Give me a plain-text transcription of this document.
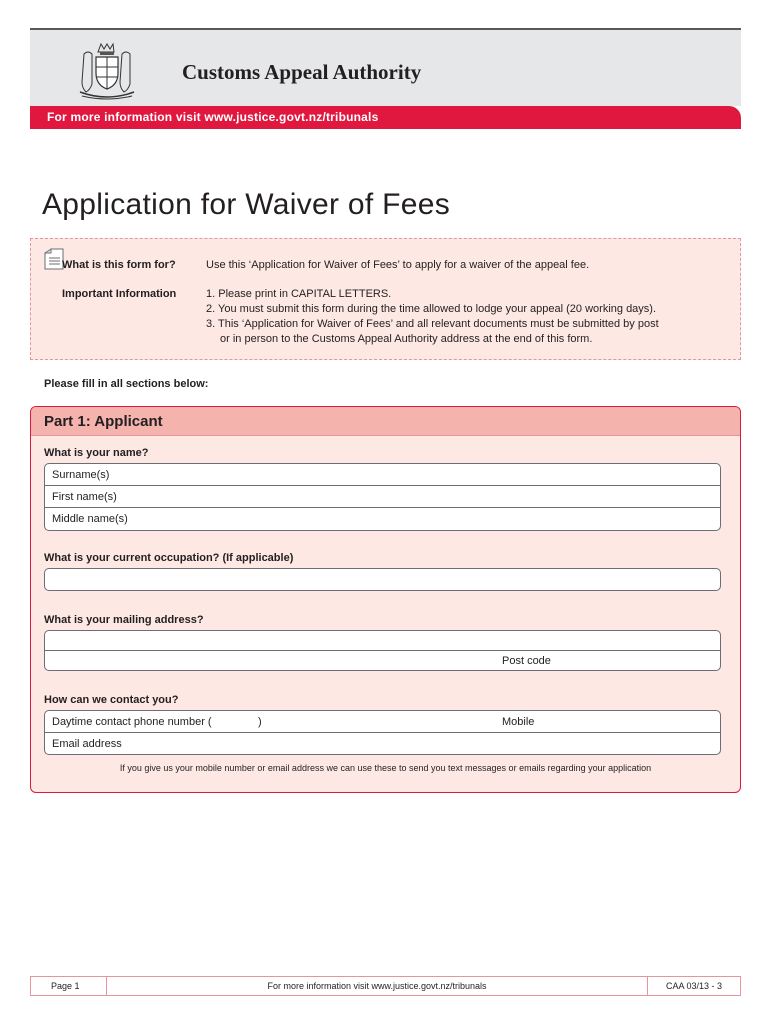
Customs Appeal Authority
For more information visit www.justice.govt.nz/tribunals
Application for Waiver of Fees
What is this form for?	Use this ‘Application for Waiver of Fees’ to apply for a waiver of the appeal fee.
Important Information	1. Please print in CAPITAL LETTERS.
2. You must submit this form during the time allowed to lodge your appeal (20 working days).
3. This ‘Application for Waiver of Fees’ and all relevant documents must be submitted by post
or in person to the Customs Appeal Authority address at the end of this form.
Please fill in all sections below:
Part 1: Applicant
What is your name?
Surname(s)
First name(s)
Middle name(s)
What is your current occupation? (If applicable)
What is your mailing address?
Post code
How can we contact you?
Daytime contact phone number (	)	Mobile
Email address
If you give us your mobile number or email address we can use these to send you text messages or emails regarding your application
Page 1	For more information visit www.justice.govt.nz/tribunals	CAA 03/13 - 3
